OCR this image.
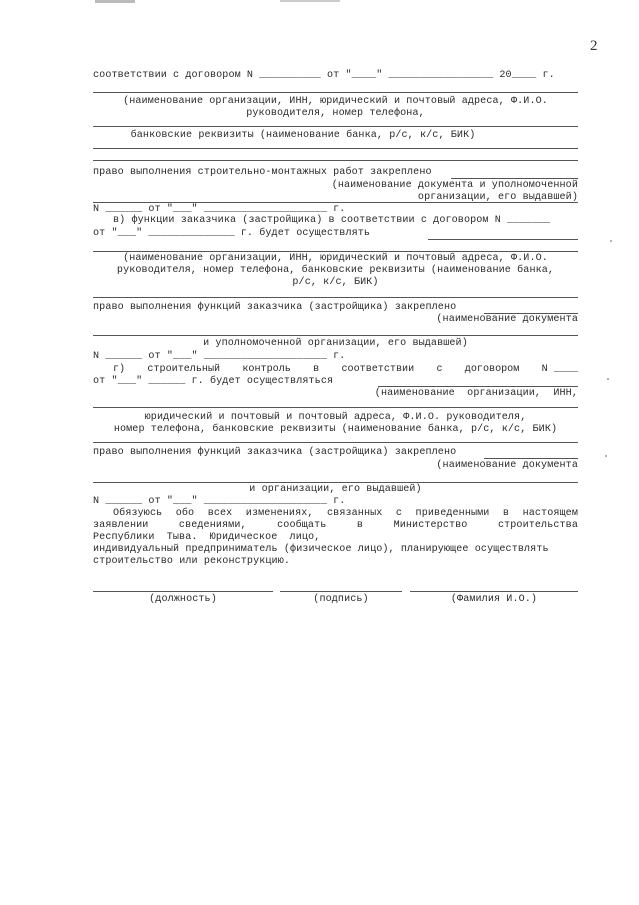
2
соответствии с договором N __________ от "____" _________________ 20____ г.
(наименование организации, ИНН, юридический и почтовый адреса, Ф.И.О.
руководителя, номер телефона,
банковские реквизиты (наименование банка, р/с, к/с, БИК)
право выполнения строительно-монтажных работ закреплено
(наименование документа и уполномоченной
организации, его выдавшей)
N ______ от "___" ____________________ г.
в) функции заказчика (застройщика) в соответствии с договором N _______
от "___" ______________ г. будет осуществлять
(наименование организации, ИНН, юридический и почтовый адреса, Ф.И.О.
руководителя, номер телефона, банковские реквизиты (наименование банка,
р/с, к/с, БИК)
право выполнения функций заказчика (застройщика) закреплено
(наименование документа
и уполномоченной организации, его выдавшей)
N ______ от "___" ____________________ г.
г) строительный контроль в соответствии с договором N ____
от "___" ______ г. будет осуществляться
(наименование  организации,  ИНН,
юридический и почтовый и почтовый адреса, Ф.И.О. руководителя,
номер телефона, банковские реквизиты (наименование банка, р/с, к/с, БИК)
право выполнения функций заказчика (застройщика) закреплено
(наименование документа
и организации, его выдавшей)
N ______ от "___" ____________________ г.
Обязуюсь обо всех изменениях, связанных с приведенными в настоящем
заявлении сведениями, сообщать в Министерство строительства
Республики Тыва. Юридическое лицо,
индивидуальный предприниматель (физическое лицо), планирующее осуществлять
строительство или реконструкцию.
(должность)	(подпись)	(Фамилия И.О.)
